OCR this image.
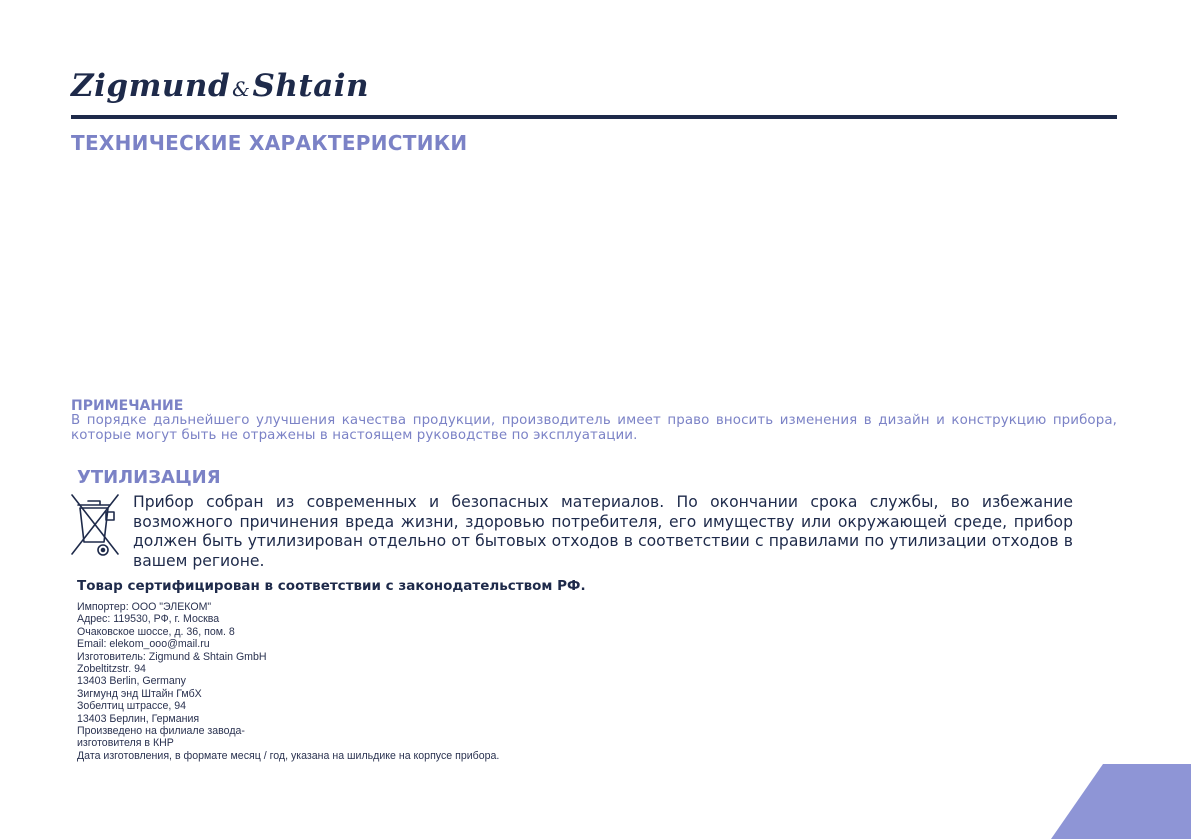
Zigmund &Shtain
ТЕХНИЧЕСКИЕ ХАРАКТЕРИСТИКИ
ПРИМЕЧАНИЕ
В порядке дальнейшего улучшения качества продукции, производитель имеет право вносить изменения в дизайн и конструкцию прибора, которые могут быть не отражены в настоящем руководстве по эксплуатации.
УТИЛИЗАЦИЯ
Прибор собран из современных и безопасных материалов. По окончании срока службы, во избежание возможного причинения вреда жизни, здоровью потребителя, его имуществу или окружающей среде, прибор должен быть утилизирован отдельно от бытовых отходов в соответствии с правилами по утилизации отходов в вашем регионе.
Товар сертифицирован в соответствии с законодательством РФ.
Импортер: ООО "ЭЛЕКОМ"
Адрес: 119530, РФ, г. Москва
Очаковское шоссе, д. 36, пом. 8
Email: elekom_ooo@mail.ru
Изготовитель: Zigmund & Shtain GmbH
Zobeltitzstr. 94
13403 Berlin, Germany
Зигмунд энд Штайн ГмбХ
Зобелтиц штрассе, 94
13403 Берлин, Германия
Произведено на филиале завода-
изготовителя в КНР
Дата изготовления, в формате месяц / год, указана на шильдике на корпусе прибора.
